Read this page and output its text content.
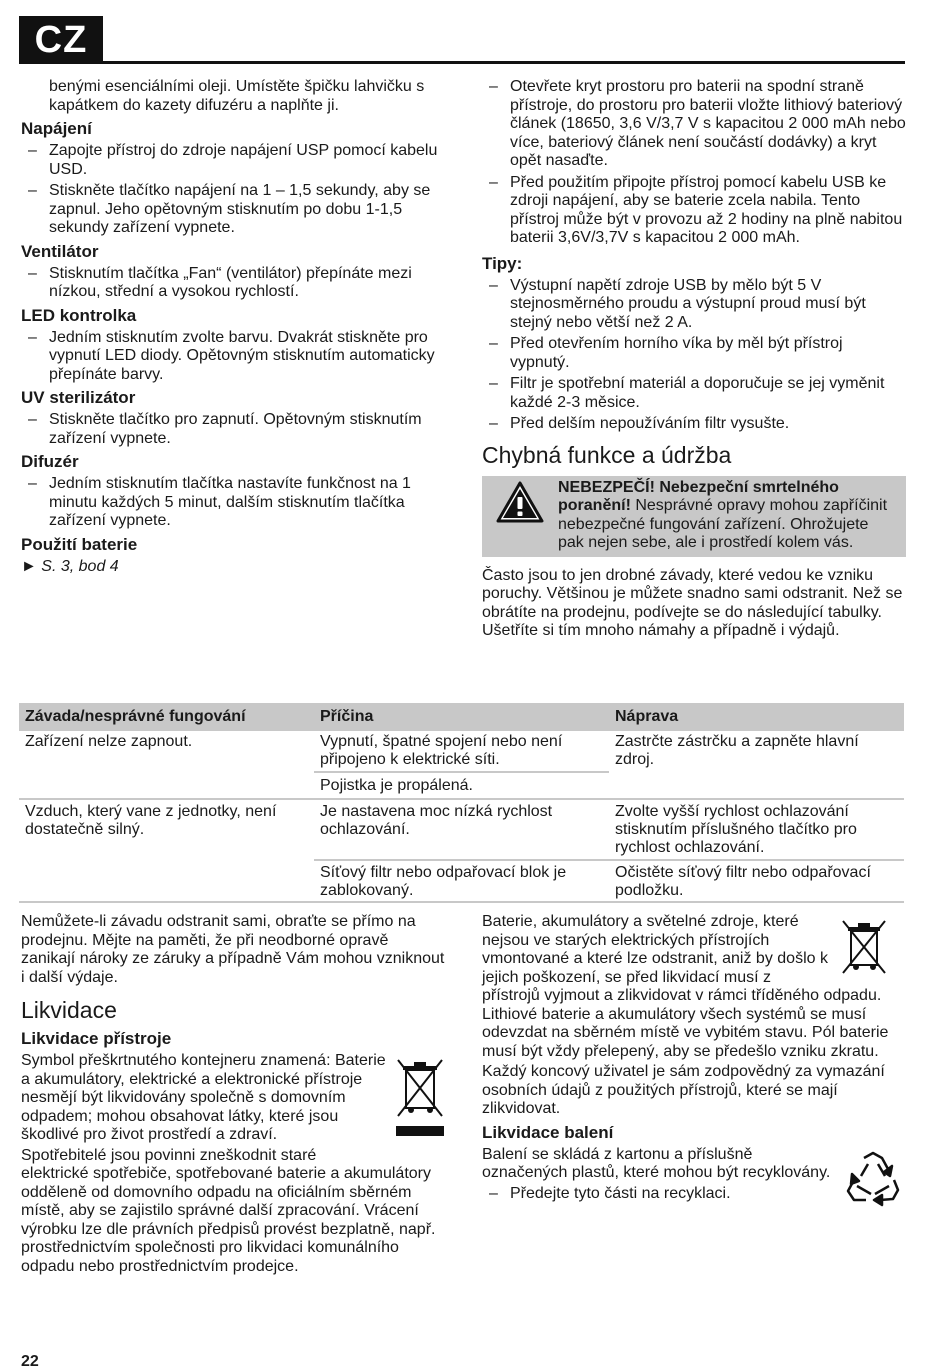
CZ

benými esenciálními oleji. Umístěte špičku lahvičku s kapátkem do kazety difuzéru a naplňte ji.

Napájení
– Zapojte přístroj do zdroje napájení USP pomocí kabelu USD.
– Stiskněte tlačítko napájení na 1 – 1,5 sekundy, aby se zapnul. Jeho opětovným stisknutím po dobu 1-1,5 sekundy zařízení vypnete.
Ventilátor
– Stisknutím tlačítka „Fan“ (ventilátor) přepínáte mezi nízkou, střední a vysokou rychlostí.
LED kontrolka
– Jedním stisknutím zvolte barvu. Dvakrát stiskněte pro vypnutí LED diody. Opětovným stisknutím automaticky přepínáte barvy.
UV sterilizátor
– Stiskněte tlačítko pro zapnutí. Opětovným stisknutím zařízení vypnete.
Difuzér
– Jedním stisknutím tlačítka nastavíte funkčnost na 1 minutu každých 5 minut, dalším stisknutím tlačítka zařízení vypnete.
Použití baterie

► S. 3, bod 4

– Otevřete kryt prostoru pro baterii na spodní straně přístroje, do prostoru pro baterii vložte lithiový bateriový článek (18650, 3,6 V/3,7 V s kapacitou 2 000 mAh nebo více, bateriový článek není součástí dodávky) a kryt opět nasaďte.
– Před použitím připojte přístroj pomocí kabelu USB ke zdroji napájení, aby se baterie zcela nabila. Tento přístroj může být v provozu až 2 hodiny na plně nabitou baterii 3,6V/3,7V s kapacitou 2 000 mAh.
Tipy:
– Výstupní napětí zdroje USB by mělo být 5 V stejnosměrného proudu a výstupní proud musí být stejný nebo větší než 2 A.
– Před otevřením horního víka by měl být přístroj vypnutý.
– Filtr je spotřební materiál a doporučuje se jej vyměnit každé 2-3 měsice.
– Před delším nepoužíváním filtr vysušte.
Chybná funkce a údržba
NEBEZPEČÍ! Nebezpeční smrtelného poranění! Nesprávné opravy mohou zapříčinit nebezpečné fungování zařízení. Ohrožujete pak nejen sebe, ale i prostředí kolem vás.

Často jsou to jen drobné závady, které vedou ke vzniku poruchy. Většinou je můžete snadno sami odstranit. Než se obrátíte na prodejnu, podívejte se do následující tabulky. Ušetříte si tím mnoho námahy a případně i výdajů.

Závada/nesprávné fungování	Příčina	Náprava
Zařízení nelze zapnout.	Vypnutí, špatné spojení nebo není připojeno k elektrické síti.	Zastrčte zástrčku a zapněte hlavní zdroj.
	Pojistka je propálená.	
Vzduch, který vane z jednotky, není dostatečně silný.	Je nastavena moc nízká rychlost ochlazování.	Zvolte vyšší rychlost ochlazování stisknutím příslušného tlačítko pro rychlost ochlazování.
	Síťový filtr nebo odpařovací blok je zablokovaný.	Očistěte síťový filtr nebo odpařovací podložku.

Nemůžete-li závadu odstranit sami, obraťte se přímo na prodejnu. Mějte na paměti, že při neodborné opravě zanikají nároky ze záruky a případně Vám mohou vzniknout i další výdaje.

Likvidace
Likvidace přístroje

Symbol přeškrtnutého kontejneru znamená: Baterie a akumulátory, elektrické a elektronické přístroje nesmějí být likvidovány společně s domovním odpadem; mohou obsahovat látky, které jsou škodlivé pro život prostředí a zdraví.

Spotřebitelé jsou povinni zneškodnit staré elektrické spotřebiče, spotřebované baterie a akumulátory odděleně od domovního odpadu na oficiálním sběrném místě, aby se zajistilo správné další zpracování. Vrácení výrobku lze dle právních předpisů provést bezplatně, např. prostřednictvím společnosti pro likvidaci komunálního odpadu nebo prostřednictvím prodejce.

Baterie, akumulátory a světelné zdroje, které nejsou ve starých elektrických přístrojích vmontované a které lze odstranit, aniž by došlo k jejich poškození, se před likvidací musí z přístrojů vyjmout a zlikvidovat v rámci tříděného odpadu. Lithiové baterie a akumulátory všech systémů se musí odevzdat na sběrném místě ve vybitém stavu. Pól baterie musí být vždy přelepený, aby se předešlo vzniku zkratu.

Každý koncový uživatel je sám zodpovědný za vymazání osobních údajů z použitých přístrojů, které se mají zlikvidovat.

Likvidace balení

Balení se skládá z kartonu a příslušně označených plastů, které mohou být recyklovány.

– Předejte tyto části na recyklaci.
22
